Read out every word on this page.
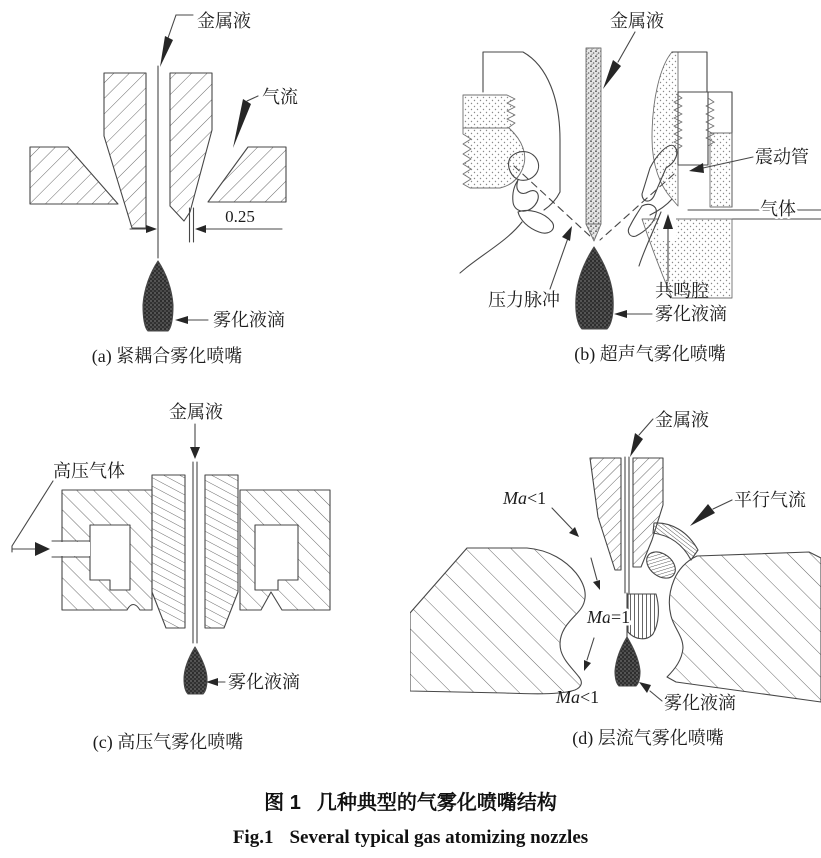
金属液
气流
0.25
雾化液滴
(a) 紧耦合雾化喷嘴
金属液
震动管
气体
共鸣腔
压力脉冲
雾化液滴
(b) 超声气雾化喷嘴
金属液
高压气体
雾化液滴
(c) 高压气雾化喷嘴
金属液
平行气流
Ma<1
Ma=1
Ma<1	雾化液滴
(d) 层流气雾化喷嘴
图 1 几种典型的气雾化喷嘴结构
Fig.1 Several typical gas atomizing nozzles
